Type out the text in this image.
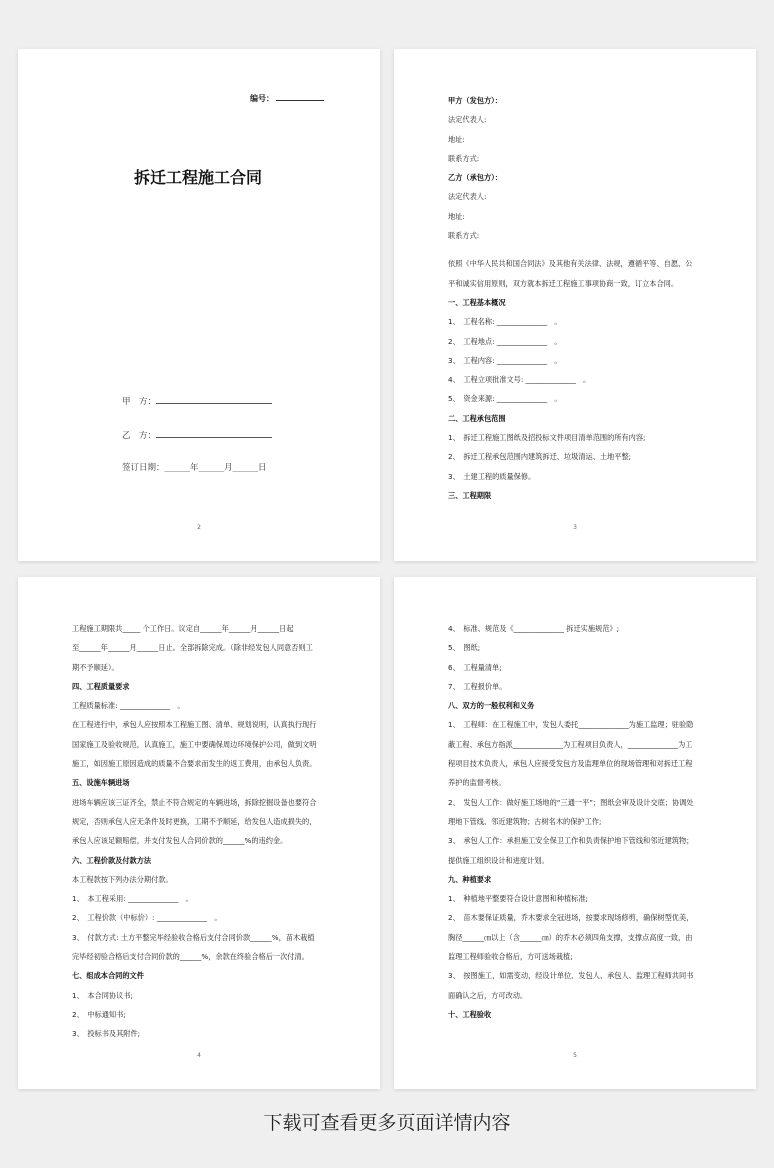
编号：
拆迁工程施工合同
甲　方：
乙　方：
签订日期：______年______月______日
2
甲方（发包方）：
法定代表人:
地址:
联系方式:
乙方（承包方）：
法定代表人:
地址:
联系方式:
依照《中华人民共和国合同法》及其他有关法律、法规，遵循平等、自愿、公
平和诚实信用原则，双方就本拆迁工程施工事项协商一致，订立本合同。
一、工程基本概况
1、　工程名称: ______________　。
2、　工程地点: ______________　。
3、　工程内容: ______________　。
4、　工程立项批准文号: ______________　。
5、　资金来源: ______________　。
二、工程承包范围
1、　拆迁工程施工图纸及招投标文件项目清单范围的所有内容;
2、　拆迁工程承包范围内建筑拆迁、垃圾清运、土地平整;
3、　土建工程的质量保修。
三、工程期限
3
工程施工期限共_____ 个工作日。议定自______年______月______日起
至______年______月______日止。全部拆除完成。（除非经发包人同意否则工
期不予顺延）。
四、工程质量要求
工程质量标准: ______________　。
在工程进行中，承包人应按照本工程施工图、清单、规划说明，认真执行现行
国家施工及验收规范，认真施工，施工中要确保周边环境保护公司，做到文明
施工，如因施工原因造成的质量不合要求而发生的返工费用，由承包人负责。
五、设施车辆进场
进场车辆应该三证齐全，禁止不符合规定的车辆进场，拆除挖掘设备也要符合
规定，否则承包人应无条件及时更换，工期不予顺延，给发包人造成损失的，
承包人应该足额赔偿，并支付发包人合同价款的______%的违约金。
六、工程价款及付款方法
本工程款按下列办法分期付款。
1、　本工程采用: ______________　。
2、　工程价款（中标价）: ______________　。
3、　付款方式: 土方平整完毕经验收合格后支付合同价款______%，苗木栽植
完毕经初验合格后支付合同价款的______%，余款在终验合格后一次付清。
七、组成本合同的文件
1、　本合同协议书;
2、　中标通知书;
3、　投标书及其附件;
4
4、　标准、规范及《______________ 拆迁实施规范》;
5、　图纸;
6、　工程量清单;
7、　工程报价单。
八、双方的一般权利和义务
1、　工程师：在工程施工中，发包人委托______________为施工监理；驻验隐
蔽工程、承包方指派______________为工程项目负责人，______________为工
程项目技术负责人，承包人应接受发包方及监理单位的现场管理和对拆迁工程
养护的监督考核。
2、　发包人工作：做好施工场地的“三通一平”；图纸会审及设计交底；协调处
理地下管线、邻近建筑物；古树名木的保护工作;
3、　承包人工作：承担施工安全保卫工作和负责保护地下管线和邻近建筑物；
提供施工组织设计和进度计划。
九、种植要求
1、　种植地平整要符合设计意图和种植标准;
2、　苗木要保证质量，乔木要求全冠进场，按要求现场修剪，确保树型优美，
胸径______㎝以上（含______㎝）的乔木必须四角支撑，支撑点高度一致，由
监理工程师验收合格后，方可送场栽植;
3、　按图施工，如需变动，经设计单位、发包人、承包人、监理工程师共同书
面确认之后，方可改动。
十、工程验收
5
下载可查看更多页面详情内容
